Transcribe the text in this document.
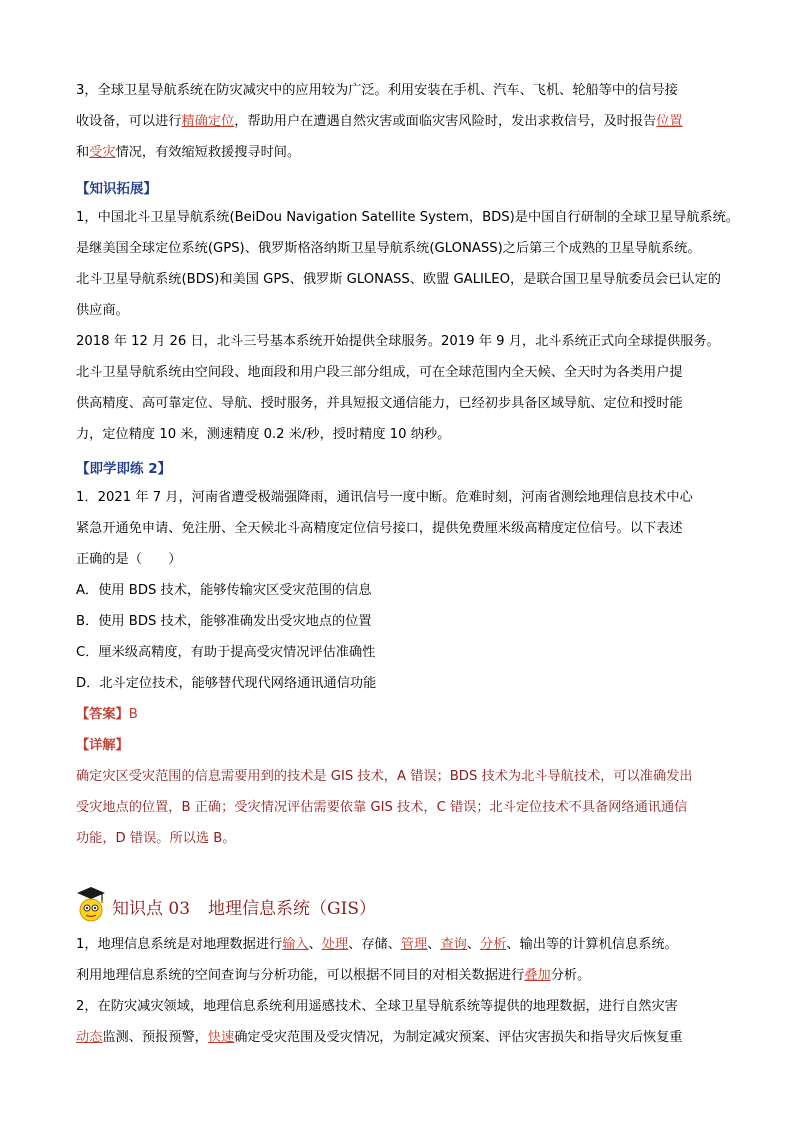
3，全球卫星导航系统在防灾减灾中的应用较为广泛。利用安装在手机、汽车、飞机、轮船等中的信号接
收设备，可以进行精确定位，帮助用户在遭遇自然灾害或面临灾害风险时，发出求救信号，及时报告位置
和受灾情况，有效缩短救援搜寻时间。
【知识拓展】
1，中国北斗卫星导航系统(BeiDou Navigation Satellite System，BDS)是中国自行研制的全球卫星导航系统。
是继美国全球定位系统(GPS)、俄罗斯格洛纳斯卫星导航系统(GLONASS)之后第三个成熟的卫星导航系统。
北斗卫星导航系统(BDS)和美国 GPS、俄罗斯 GLONASS、欧盟 GALILEO，是联合国卫星导航委员会已认定的
供应商。
2018 年 12 月 26 日，北斗三号基本系统开始提供全球服务。2019 年 9 月，北斗系统正式向全球提供服务。
北斗卫星导航系统由空间段、地面段和用户段三部分组成，可在全球范围内全天候、全天时为各类用户提
供高精度、高可靠定位、导航、授时服务，并具短报文通信能力，已经初步具备区域导航、定位和授时能
力，定位精度 10 米，测速精度 0.2 米/秒，授时精度 10 纳秒。
【即学即练 2】
1．2021 年 7 月，河南省遭受极端强降雨，通讯信号一度中断。危难时刻，河南省测绘地理信息技术中心
紧急开通免申请、免注册、全天候北斗高精度定位信号接口，提供免费厘米级高精度定位信号。以下表述
正确的是（　　）
A．使用 BDS 技术，能够传输灾区受灾范围的信息
B．使用 BDS 技术，能够准确发出受灾地点的位置
C．厘米级高精度，有助于提高受灾情况评估准确性
D．北斗定位技术，能够替代现代网络通讯通信功能
【答案】B
【详解】
确定灾区受灾范围的信息需要用到的技术是 GIS 技术，A 错误；BDS 技术为北斗导航技术，可以准确发出
受灾地点的位置，B 正确；受灾情况评估需要依靠 GIS 技术，C 错误；北斗定位技术不具备网络通讯通信
功能，D 错误。所以选 B。
知识点 03 地理信息系统（GIS）
1，地理信息系统是对地理数据进行输入、处理、存储、管理、查询、分析、输出等的计算机信息系统。
利用地理信息系统的空间查询与分析功能，可以根据不同目的对相关数据进行叠加分析。
2，在防灾减灾领域，地理信息系统利用遥感技术、全球卫星导航系统等提供的地理数据，进行自然灾害
动态监测、预报预警，快速确定受灾范围及受灾情况，为制定减灾预案、评估灾害损失和指导灾后恢复重
